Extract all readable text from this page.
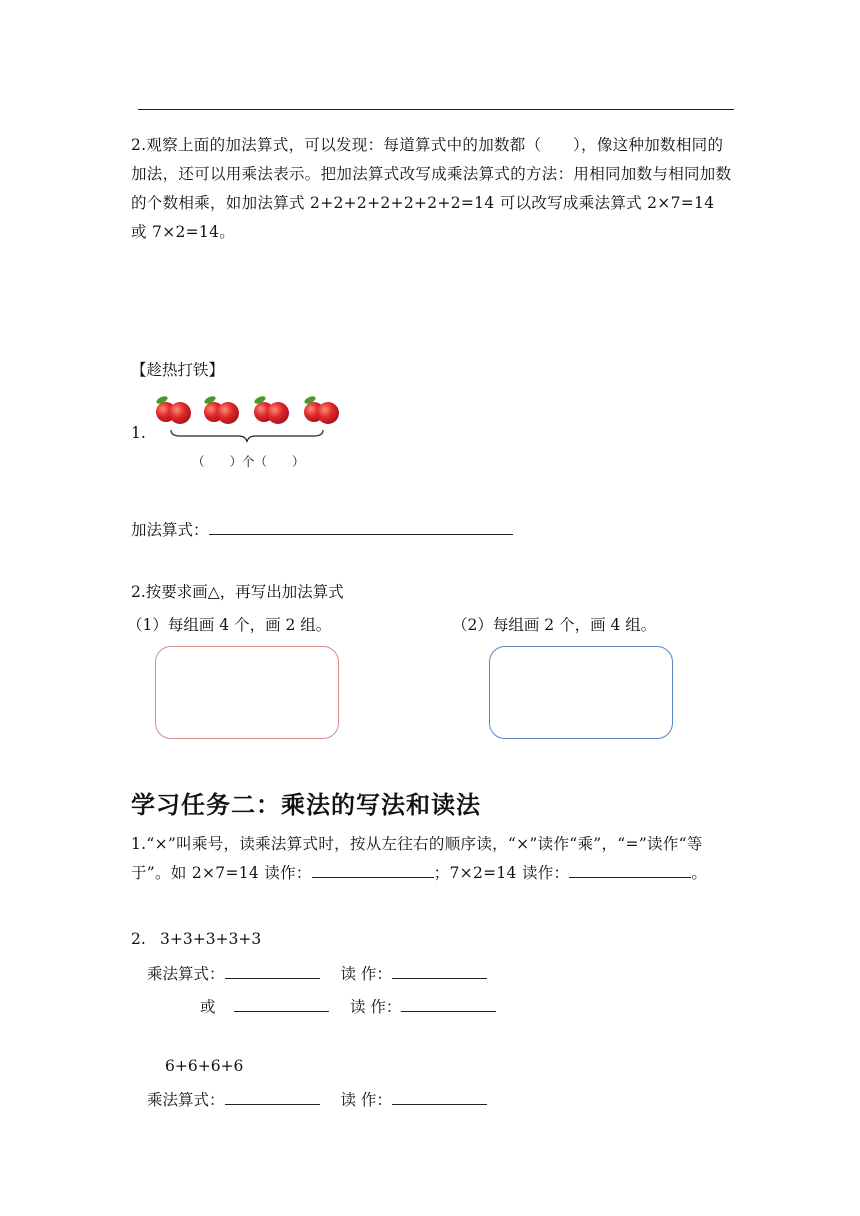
2.观察上面的加法算式，可以发现：每道算式中的加数都（　　），像这种加数相同的加法，还可以用乘法表示。把加法算式改写成乘法算式的方法：用相同加数与相同加数的个数相乘，如加法算式 2+2+2+2+2+2+2=14 可以改写成乘法算式 2×7=14 或 7×2=14。
【趁热打铁】
1.
（　　）个（　　）
加法算式：
2.按要求画△，再写出加法算式
（1）每组画 4 个，画 2 组。	（2）每组画 2 个，画 4 组。
学习任务二：乘法的写法和读法
1.“×”叫乘号，读乘法算式时，按从左往右的顺序读，“×”读作“乘”，“=”读作“等于”。如 2×7=14 读作：	；7×2=14 读作：	。
2. 3+3+3+3+3
乘法算式：	读 作：
或	读 作：
6+6+6+6
乘法算式：	读 作：
